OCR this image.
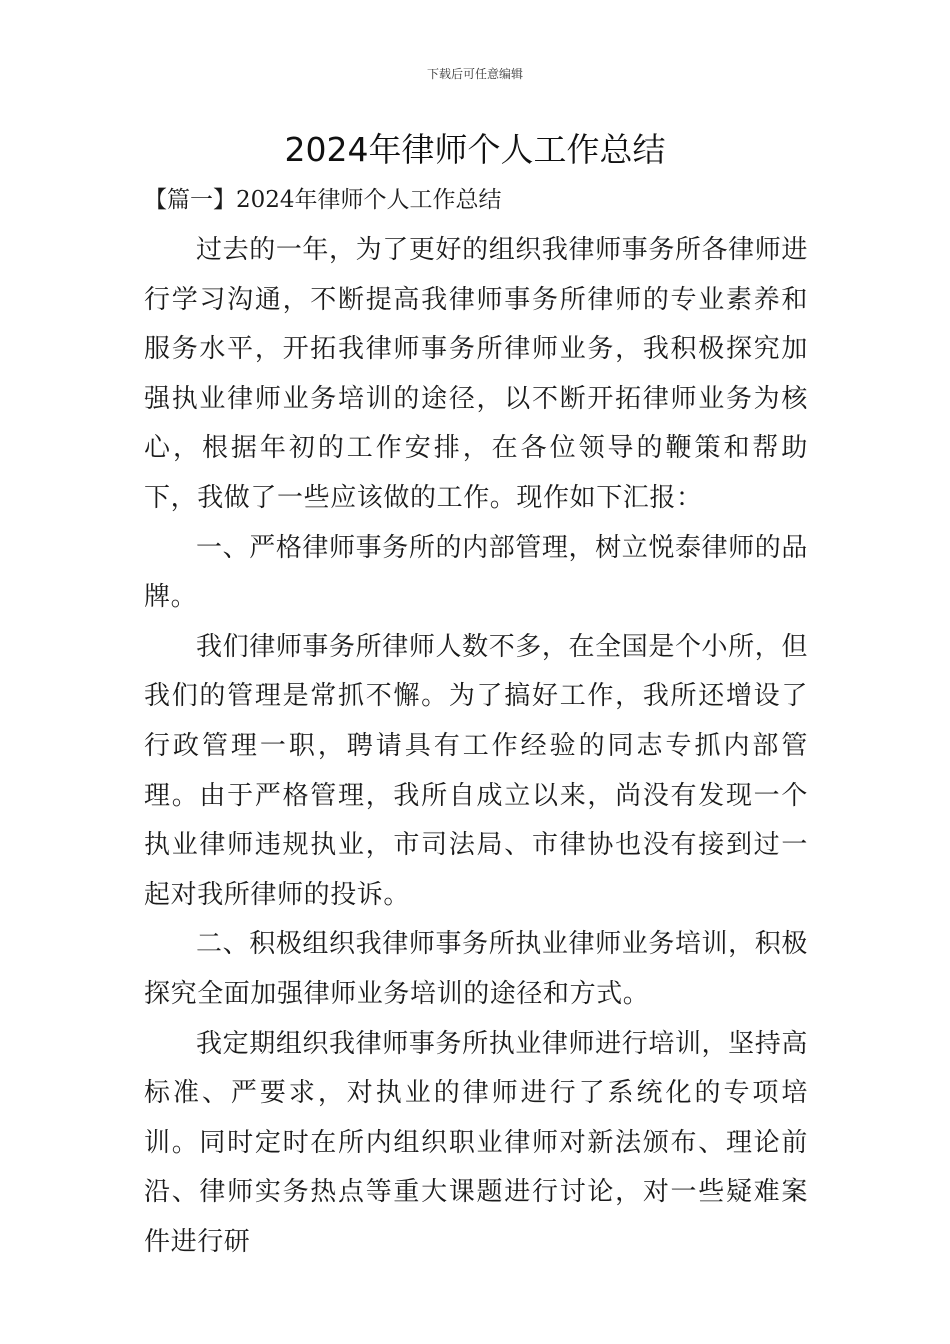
下载后可任意编辑
2024年律师个人工作总结
【篇一】2024年律师个人工作总结

过去的一年，为了更好的组织我律师事务所各律师进行学习沟通，不断提高我律师事务所律师的专业素养和服务水平，开拓我律师事务所律师业务，我积极探究加强执业律师业务培训的途径，以不断开拓律师业务为核心，根据年初的工作安排，在各位领导的鞭策和帮助下，我做了一些应该做的工作。现作如下汇报：

一、严格律师事务所的内部管理，树立悦泰律师的品牌。

我们律师事务所律师人数不多，在全国是个小所，但我们的管理是常抓不懈。为了搞好工作，我所还增设了行政管理一职，聘请具有工作经验的同志专抓内部管理。由于严格管理，我所自成立以来，尚没有发现一个执业律师违规执业，市司法局、市律协也没有接到过一起对我所律师的投诉。

二、积极组织我律师事务所执业律师业务培训，积极探究全面加强律师业务培训的途径和方式。

我定期组织我律师事务所执业律师进行培训，坚持高标准、严要求，对执业的律师进行了系统化的专项培训。同时定时在所内组织职业律师对新法颁布、理论前沿、律师实务热点等重大课题进行讨论，对一些疑难案件进行研
